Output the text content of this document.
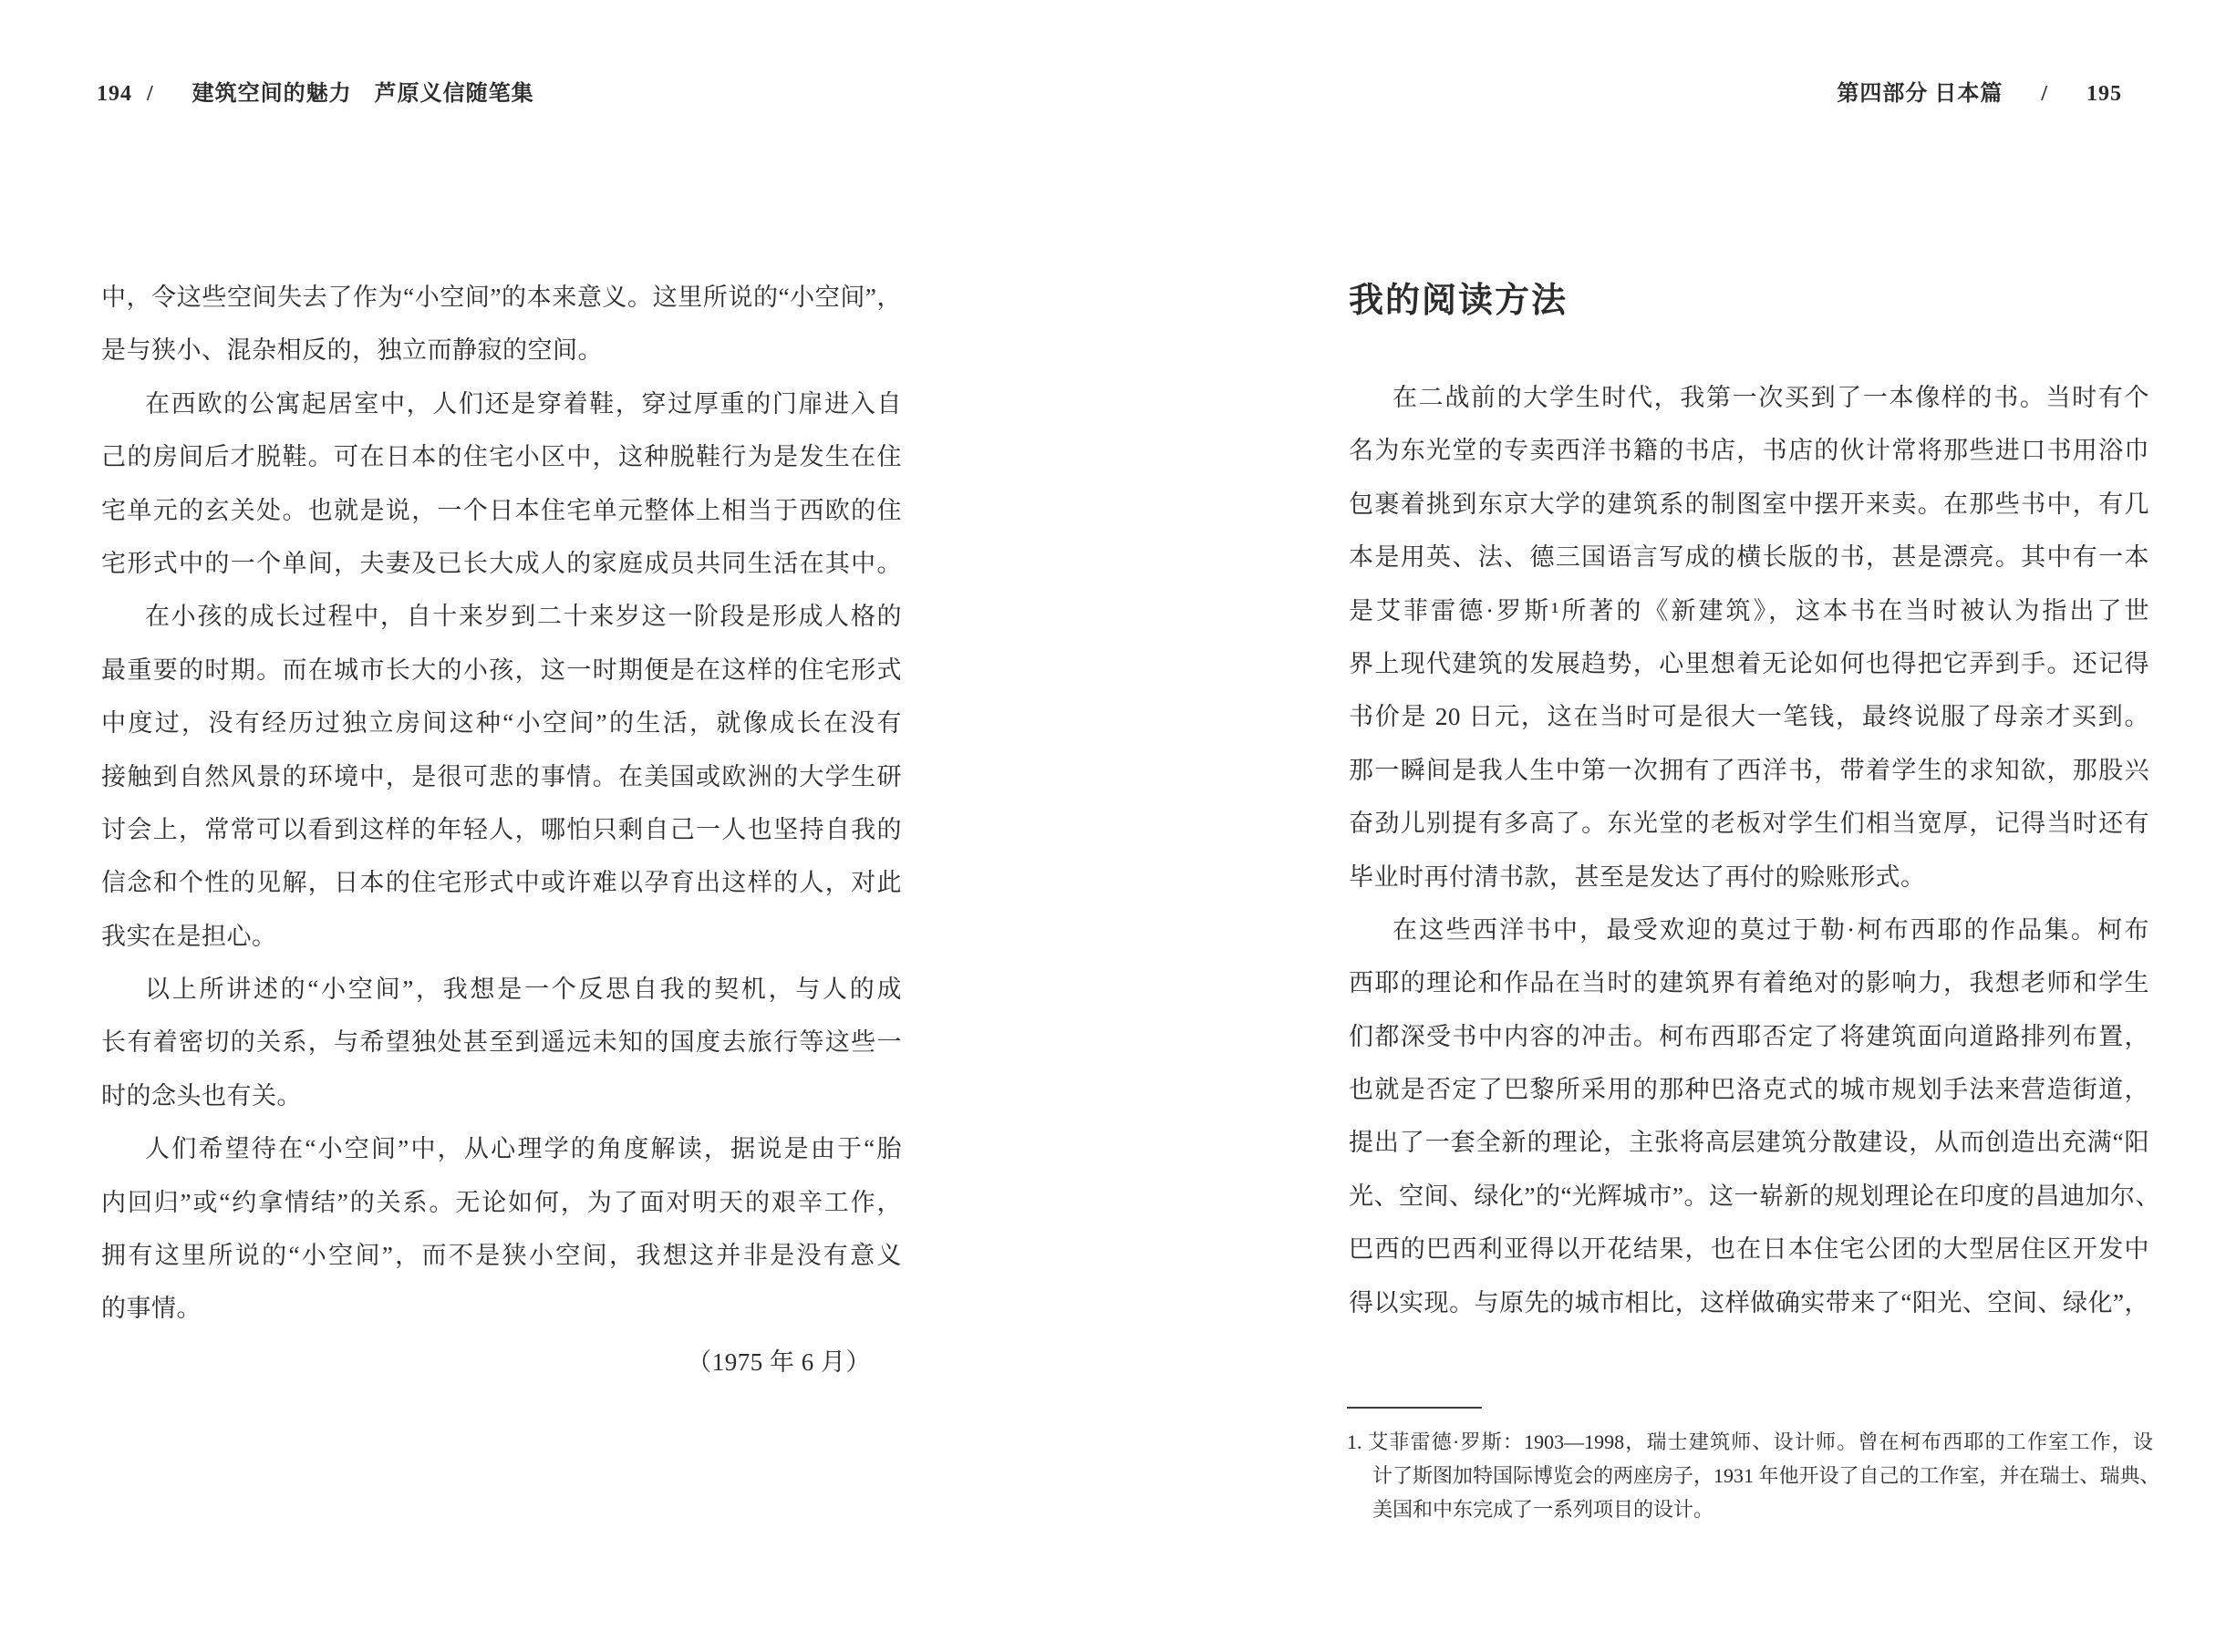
194 / 建筑空间的魅力　芦原义信随笔集
中，令这些空间失去了作为“小空间”的本来意义。这里所说的“小空间”，
是与狭小、混杂相反的，独立而静寂的空间。
在西欧的公寓起居室中，人们还是穿着鞋，穿过厚重的门扉进入自
己的房间后才脱鞋。可在日本的住宅小区中，这种脱鞋行为是发生在住
宅单元的玄关处。也就是说，一个日本住宅单元整体上相当于西欧的住
宅形式中的一个单间，夫妻及已长大成人的家庭成员共同生活在其中。
在小孩的成长过程中，自十来岁到二十来岁这一阶段是形成人格的
最重要的时期。而在城市长大的小孩，这一时期便是在这样的住宅形式
中度过，没有经历过独立房间这种“小空间”的生活，就像成长在没有
接触到自然风景的环境中，是很可悲的事情。在美国或欧洲的大学生研
讨会上，常常可以看到这样的年轻人，哪怕只剩自己一人也坚持自我的
信念和个性的见解，日本的住宅形式中或许难以孕育出这样的人，对此
我实在是担心。
以上所讲述的“小空间”，我想是一个反思自我的契机，与人的成
长有着密切的关系，与希望独处甚至到遥远未知的国度去旅行等这些一
时的念头也有关。
人们希望待在“小空间”中，从心理学的角度解读，据说是由于“胎
内回归”或“约拿情结”的关系。无论如何，为了面对明天的艰辛工作，
拥有这里所说的“小空间”，而不是狭小空间，我想这并非是没有意义
的事情。
（1975 年 6 月）
第四部分 日本篇 / 195
我的阅读方法
在二战前的大学生时代，我第一次买到了一本像样的书。当时有个
名为东光堂的专卖西洋书籍的书店，书店的伙计常将那些进口书用浴巾
包裹着挑到东京大学的建筑系的制图室中摆开来卖。在那些书中，有几
本是用英、法、德三国语言写成的横长版的书，甚是漂亮。其中有一本
是艾菲雷德·罗斯¹所著的《新建筑》，这本书在当时被认为指出了世
界上现代建筑的发展趋势，心里想着无论如何也得把它弄到手。还记得
书价是 20 日元，这在当时可是很大一笔钱，最终说服了母亲才买到。
那一瞬间是我人生中第一次拥有了西洋书，带着学生的求知欲，那股兴
奋劲儿别提有多高了。东光堂的老板对学生们相当宽厚，记得当时还有
毕业时再付清书款，甚至是发达了再付的赊账形式。
在这些西洋书中，最受欢迎的莫过于勒·柯布西耶的作品集。柯布
西耶的理论和作品在当时的建筑界有着绝对的影响力，我想老师和学生
们都深受书中内容的冲击。柯布西耶否定了将建筑面向道路排列布置，
也就是否定了巴黎所采用的那种巴洛克式的城市规划手法来营造街道，
提出了一套全新的理论，主张将高层建筑分散建设，从而创造出充满“阳
光、空间、绿化”的“光辉城市”。这一崭新的规划理论在印度的昌迪加尔、
巴西的巴西利亚得以开花结果，也在日本住宅公团的大型居住区开发中
得以实现。与原先的城市相比，这样做确实带来了“阳光、空间、绿化”，
1. 艾菲雷德·罗斯：1903—1998，瑞士建筑师、设计师。曾在柯布西耶的工作室工作，设
计了斯图加特国际博览会的两座房子，1931 年他开设了自己的工作室，并在瑞士、瑞典、
美国和中东完成了一系列项目的设计。
